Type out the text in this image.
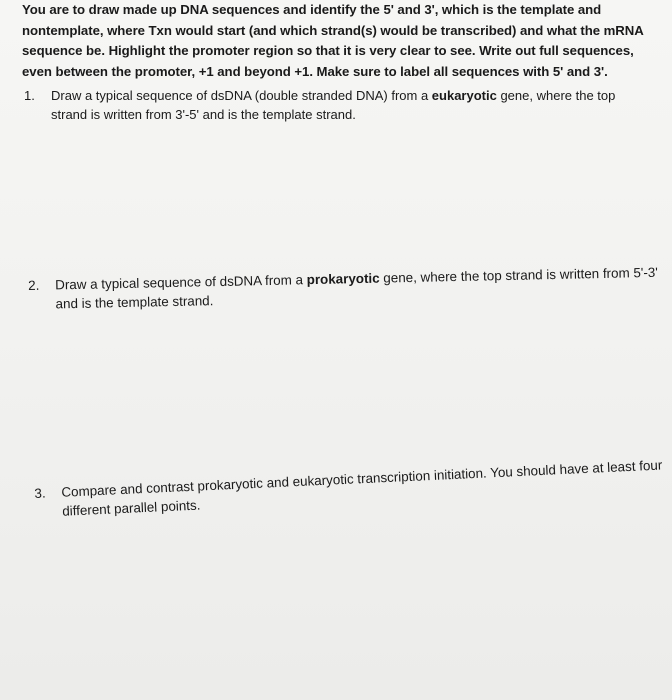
You are to draw made up DNA sequences and identify the 5' and 3', which is the template and nontemplate, where Txn would start (and which strand(s) would be transcribed) and what the mRNA sequence be. Highlight the promoter region so that it is very clear to see. Write out full sequences, even between the promoter, +1 and beyond +1. Make sure to label all sequences with 5' and 3'.
1. Draw a typical sequence of dsDNA (double stranded DNA) from a eukaryotic gene, where the top strand is written from 3'-5' and is the template strand.
2. Draw a typical sequence of dsDNA from a prokaryotic gene, where the top strand is written from 5'-3' and is the template strand.
3. Compare and contrast prokaryotic and eukaryotic transcription initiation. You should have at least four different parallel points.
